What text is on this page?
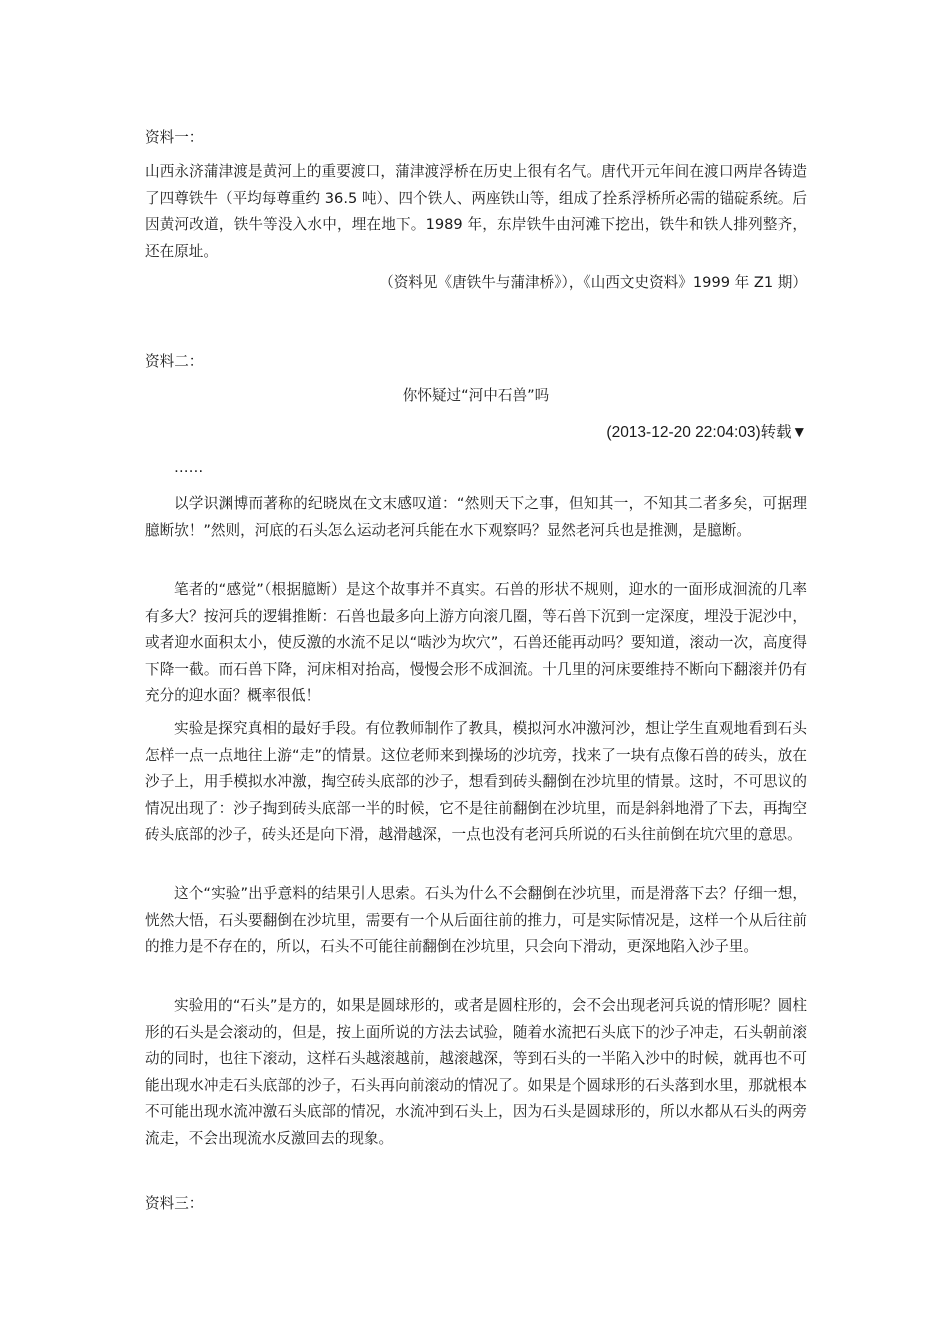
资料一：

山西永济蒲津渡是黄河上的重要渡口，蒲津渡浮桥在历史上很有名气。唐代开元年间在渡口两岸各铸造了四尊铁牛（平均每尊重约 36.5 吨）、四个铁人、两座铁山等，组成了拴系浮桥所必需的锚碇系统。后因黄河改道，铁牛等没入水中，埋在地下。1989 年，东岸铁牛由河滩下挖出，铁牛和铁人排列整齐，还在原址。

（资料见《唐铁牛与蒲津桥》），《山西文史资料》1999 年 Z1 期）

资料二：

你怀疑过“河中石兽”吗

(2013-12-20 22:04:03)转载▼

……

以学识渊博而著称的纪晓岚在文末感叹道：“然则天下之事，但知其一，不知其二者多矣，可据理臆断欤！”然则，河底的石头怎么运动老河兵能在水下观察吗？显然老河兵也是推测，是臆断。

笔者的“感觉”（根据臆断）是这个故事并不真实。石兽的形状不规则，迎水的一面形成洄流的几率有多大？按河兵的逻辑推断：石兽也最多向上游方向滚几圈，等石兽下沉到一定深度，埋没于泥沙中，或者迎水面积太小，使反激的水流不足以“啮沙为坎穴”，石兽还能再动吗？要知道，滚动一次，高度得下降一截。而石兽下降，河床相对抬高，慢慢会形不成洄流。十几里的河床要维持不断向下翻滚并仍有充分的迎水面？概率很低！

实验是探究真相的最好手段。有位教师制作了教具，模拟河水冲激河沙，想让学生直观地看到石头怎样一点一点地往上游“走”的情景。这位老师来到操场的沙坑旁，找来了一块有点像石兽的砖头，放在沙子上，用手模拟水冲激，掏空砖头底部的沙子，想看到砖头翻倒在沙坑里的情景。这时，不可思议的情况出现了：沙子掏到砖头底部一半的时候，它不是往前翻倒在沙坑里，而是斜斜地滑了下去，再掏空砖头底部的沙子，砖头还是向下滑，越滑越深，一点也没有老河兵所说的石头往前倒在坑穴里的意思。

这个“实验”出乎意料的结果引人思索。石头为什么不会翻倒在沙坑里，而是滑落下去？仔细一想，恍然大悟，石头要翻倒在沙坑里，需要有一个从后面往前的推力，可是实际情况是，这样一个从后往前的推力是不存在的，所以，石头不可能往前翻倒在沙坑里，只会向下滑动，更深地陷入沙子里。

实验用的“石头”是方的，如果是圆球形的，或者是圆柱形的，会不会出现老河兵说的情形呢？圆柱形的石头是会滚动的，但是，按上面所说的方法去试验，随着水流把石头底下的沙子冲走，石头朝前滚动的同时，也往下滚动，这样石头越滚越前，越滚越深，等到石头的一半陷入沙中的时候，就再也不可能出现水冲走石头底部的沙子，石头再向前滚动的情况了。如果是个圆球形的石头落到水里，那就根本不可能出现水流冲激石头底部的情况，水流冲到石头上，因为石头是圆球形的，所以水都从石头的两旁流走，不会出现流水反激回去的现象。

资料三：
